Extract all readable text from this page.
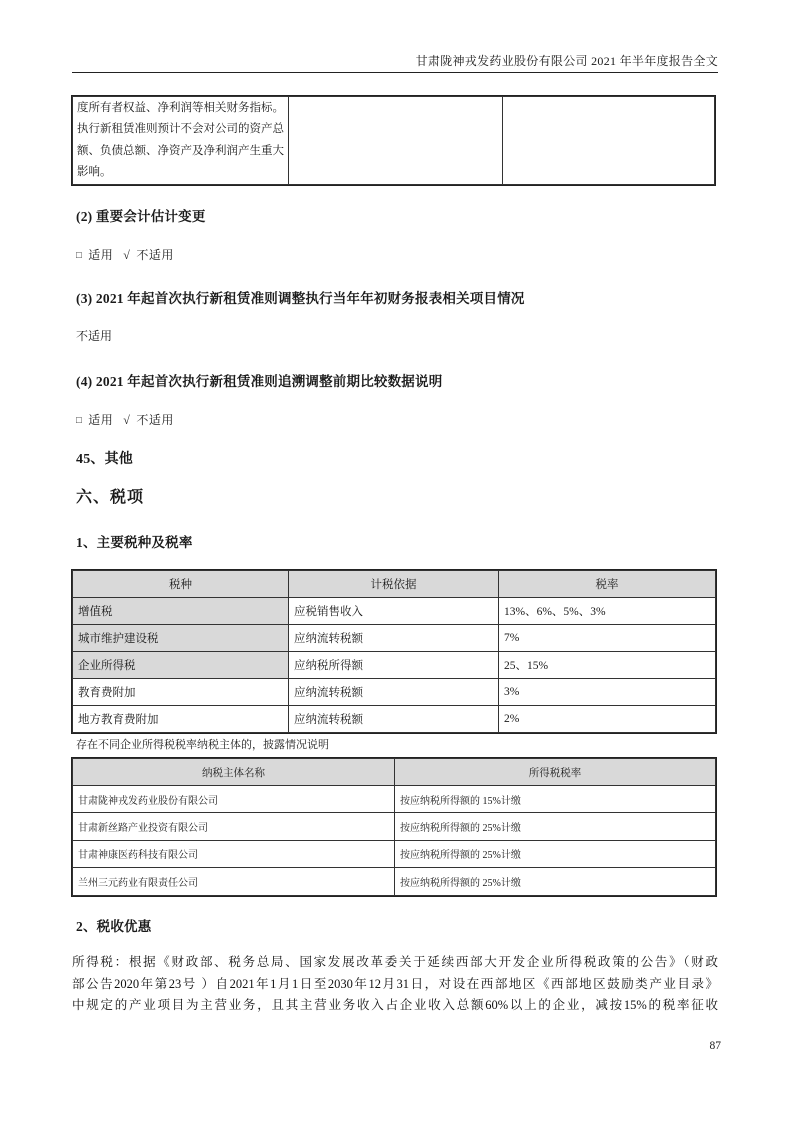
甘肃陇神戎发药业股份有限公司 2021 年半年度报告全文
度所有者权益、净利润等相关财务指标。执行新租赁准则预计不会对公司的资产总额、负债总额、净资产及净利润产生重大影响。		
(2) 重要会计估计变更
□ 适用 √ 不适用
(3) 2021 年起首次执行新租赁准则调整执行当年年初财务报表相关项目情况
不适用
(4) 2021 年起首次执行新租赁准则追溯调整前期比较数据说明
□ 适用 √ 不适用
45、其他
六、税项
1、主要税种及税率
税种	计税依据	税率
增值税	应税销售收入	13%、6%、5%、3%
城市维护建设税	应纳流转税额	7%
企业所得税	应纳税所得额	25、15%
教育费附加	应纳流转税额	3%
地方教育费附加	应纳流转税额	2%
存在不同企业所得税税率纳税主体的，披露情况说明
纳税主体名称	所得税税率
甘肃陇神戎发药业股份有限公司	按应纳税所得额的 15%计缴
甘肃新丝路产业投资有限公司	按应纳税所得额的 25%计缴
甘肃神康医药科技有限公司	按应纳税所得额的 25%计缴
兰州三元药业有限责任公司	按应纳税所得额的 25%计缴
2、税收优惠
所得税：根据《财政部、税务总局、国家发展改革委关于延续西部大开发企业所得税政策的公告》（财政
部公告2020年第23号 ）自2021年1月1日至2030年12月31日，对设在西部地区《西部地区鼓励类产业目录》
中规定的产业项目为主营业务，且其主营业务收入占企业收入总额60%以上的企业，减按15%的税率征收
87
